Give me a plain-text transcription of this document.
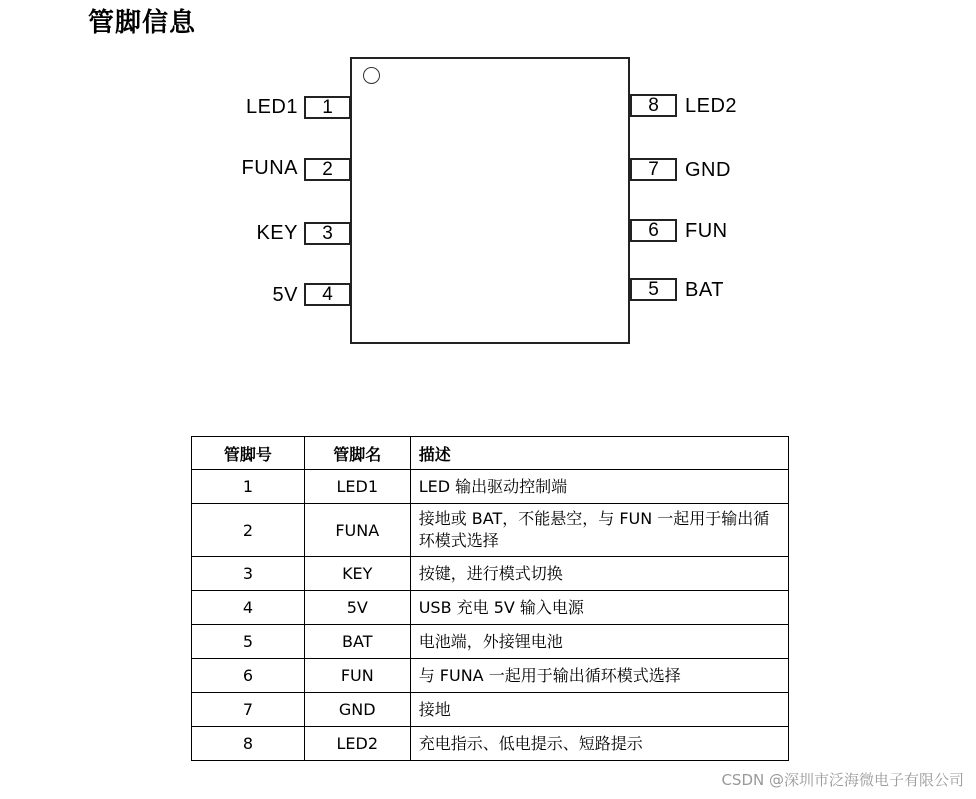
管脚信息
LED1	1
FUNA	2
KEY	3
5V	4
8	LED2
7	GND
6	FUN
5	BAT
管脚号	管脚名	描述
1	LED1	LED 输出驱动控制端
2	FUNA	接地或 BAT，不能悬空，与 FUN 一起用于输出循环模式选择
3	KEY	按键，进行模式切换
4	5V	USB 充电 5V 输入电源
5	BAT	电池端，外接锂电池
6	FUN	与 FUNA 一起用于输出循环模式选择
7	GND	接地
8	LED2	充电指示、低电提示、短路提示
CSDN @深圳市泛海微电子有限公司
